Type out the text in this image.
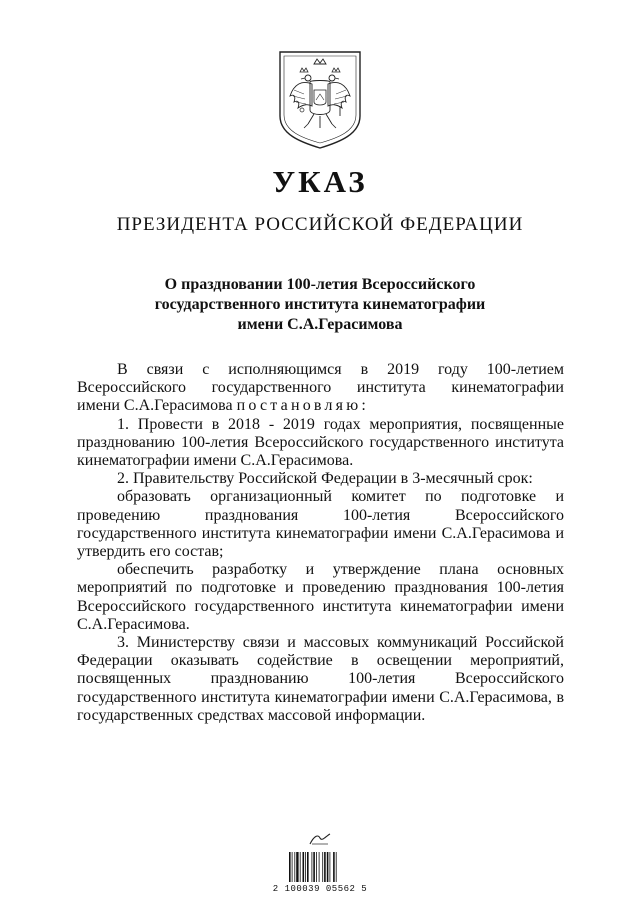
УКАЗ
ПРЕЗИДЕНТА РОССИЙСКОЙ ФЕДЕРАЦИИ
О праздновании 100-летия Всероссийского
государственного института кинематографии
имени С.А.Герасимова

В связи с исполняющимся в 2019 году 100-летием

Всероссийского государственного института кинематографии

имени С.А.Герасимова постановляю:

1. Провести в 2018 - 2019 годах мероприятия, посвященные празднованию 100-летия Всероссийского государственного института кинематографии имени С.А.Герасимова.

2. Правительству Российской Федерации в 3-месячный срок:

образовать организационный комитет по подготовке и проведению празднования 100-летия Всероссийского государственного института кинематографии имени С.А.Герасимова и утвердить его состав;

обеспечить разработку и утверждение плана основных мероприятий по подготовке и проведению празднования 100-летия Всероссийского государственного института кинематографии имени С.А.Герасимова.

3. Министерству связи и массовых коммуникаций Российской Федерации оказывать содействие в освещении мероприятий, посвященных празднованию 100-летия Всероссийского государственного института кинематографии имени С.А.Герасимова, в государственных средствах массовой информации.

2 100039 05562 5
